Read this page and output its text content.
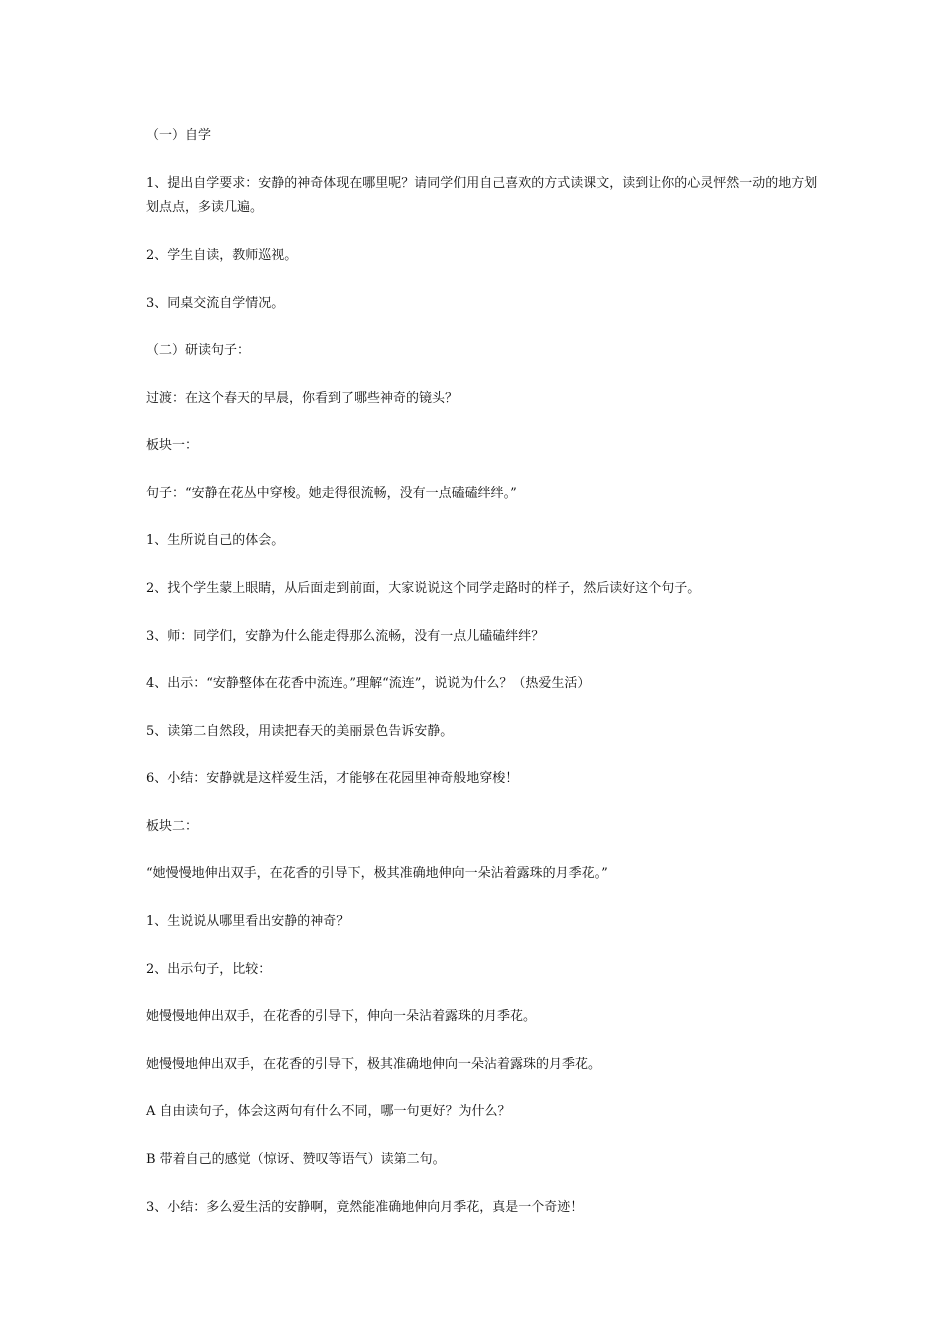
（一）自学

1、提出自学要求：安静的神奇体现在哪里呢？请同学们用自己喜欢的方式读课文，读到让你的心灵怦然一动的地方划划点点，多读几遍。

2、学生自读，教师巡视。

3、同桌交流自学情况。

（二）研读句子：

过渡：在这个春天的早晨，你看到了哪些神奇的镜头？

板块一：

句子：“安静在花丛中穿梭。她走得很流畅，没有一点磕磕绊绊。”

1、生所说自己的体会。

2、找个学生蒙上眼睛，从后面走到前面，大家说说这个同学走路时的样子，然后读好这个句子。

3、师：同学们，安静为什么能走得那么流畅，没有一点儿磕磕绊绊？

4、出示：“安静整体在花香中流连。”理解“流连”，说说为什么？（热爱生活）

5、读第二自然段，用读把春天的美丽景色告诉安静。

6、小结：安静就是这样爱生活，才能够在花园里神奇般地穿梭！

板块二：

“她慢慢地伸出双手，在花香的引导下，极其准确地伸向一朵沾着露珠的月季花。”

1、生说说从哪里看出安静的神奇？

2、出示句子，比较：

她慢慢地伸出双手，在花香的引导下，伸向一朵沾着露珠的月季花。

她慢慢地伸出双手，在花香的引导下，极其准确地伸向一朵沾着露珠的月季花。

A 自由读句子，体会这两句有什么不同，哪一句更好？为什么？

B 带着自己的感觉（惊讶、赞叹等语气）读第二句。

3、小结：多么爱生活的安静啊，竟然能准确地伸向月季花，真是一个奇迹！
